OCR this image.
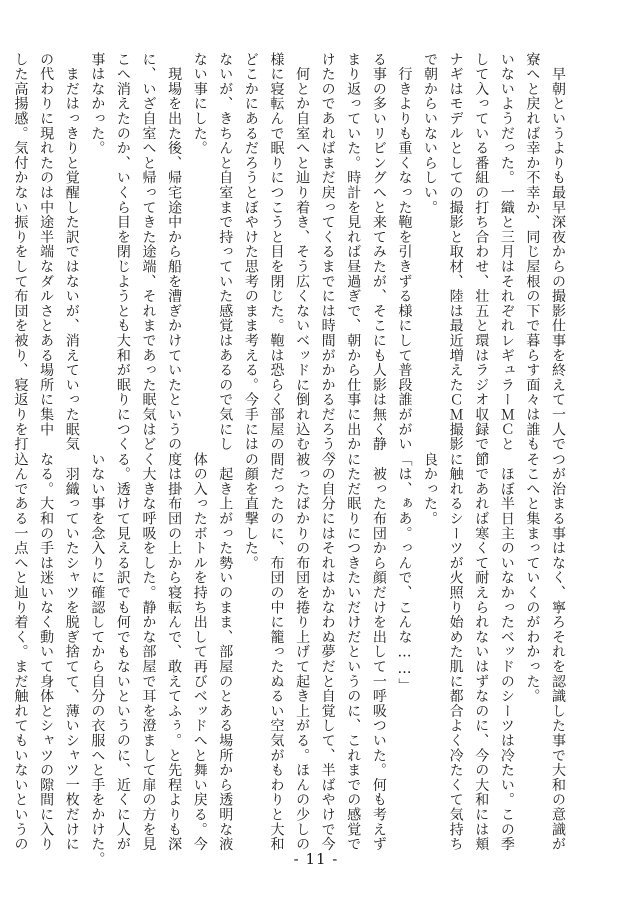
　早朝というよりも最早深夜からの撮影仕事を終えて一人で
寮へと戻れば幸か不幸か、同じ屋根の下で暮らす面々は誰も
いないようだった。一織と三月はそれぞれレギュラーＭＣと
して入っている番組の打ち合わせ、壮五と環はラジオ収録で、
ナギはモデルとしての撮影と取材、陸は最近増えたＣＭ撮影
で朝からいないらしい。
　行きよりも重くなった鞄を引きずる様にして普段誰ががい
る事の多いリビングへと来てみたが、そこにも人影は無く静
まり返っていた。時計を見れば昼過ぎで、朝から仕事に出か
けたのであればまだ戻ってくるまでには時間がかかるだろう。
　何とか自室へと辿り着き、そう広くないベッドに倒れ込む
様に寝転んで眠りにつこうと目を閉じた。鞄は恐らく部屋の
どこかにあるだろうとぼやけた思考のまま考える。今手には
ないが、きちんと自室まで持っていた感覚はあるので気にし
ない事にした。
　現場を出た後、帰宅途中から船を漕ぎかけていたというの
に、いざ自室へと帰ってきた途端、それまであった眠気はど
こへ消えたのか、いくら目を閉じようとも大和が眠りにつく
事はなかった。
　まだはっきりと覚醒した訳ではないが、消えていった眠気
の代わりに現れたのは中途半端なダルさとある場所に集中
した高揚感。気付かない振りをして布団を被り、寝返りを打
つが治まる事はなく、寧ろそれを認識した事で大和の意識が
そこへと集まっていくのがわかった。
　ほぼ半日主のいなかったベッドのシーツは冷たい。この季
節であれば寒くて耐えられないはずなのに、今の大和には頬
に触れるシーツが火照り始めた肌に都合よく冷たくて気持ち
良かった。
「は、ぁあ。っんで、こんな……」
　被った布団から顔だけを出して一呼吸ついた。何も考えず
にただ眠りにつきたいだけだというのに、これまでの感覚で
今の自分にはそれはかなわぬ夢だと自覚して、半ばやけで今
被ったばかりの布団を捲り上げて起き上がる。ほんの少しの
間だったのに、布団の中に籠ったぬるい空気がもわりと大和
の顔を直撃した。
　起き上がった勢いのまま、部屋のとある場所から透明な液
体の入ったボトルを持ち出して再びベッドへと舞い戻る。今
度は掛布団の上から寝転んで、敢えてふぅ。と先程よりも深
く大きな呼吸をした。静かな部屋で耳を澄まして扉の方を見
る。透けて見える訳でも何でもないというのに、近くに人が
いない事を念入りに確認してから自分の衣服へと手をかけた。
　羽織っていたシャツを脱ぎ捨てて、薄いシャツ一枚だけに
なる。大和の手は迷いなく動いて身体とシャツの隙間に入り
込んである一点へと辿り着く。まだ触れてもいないというの
- 11 -
